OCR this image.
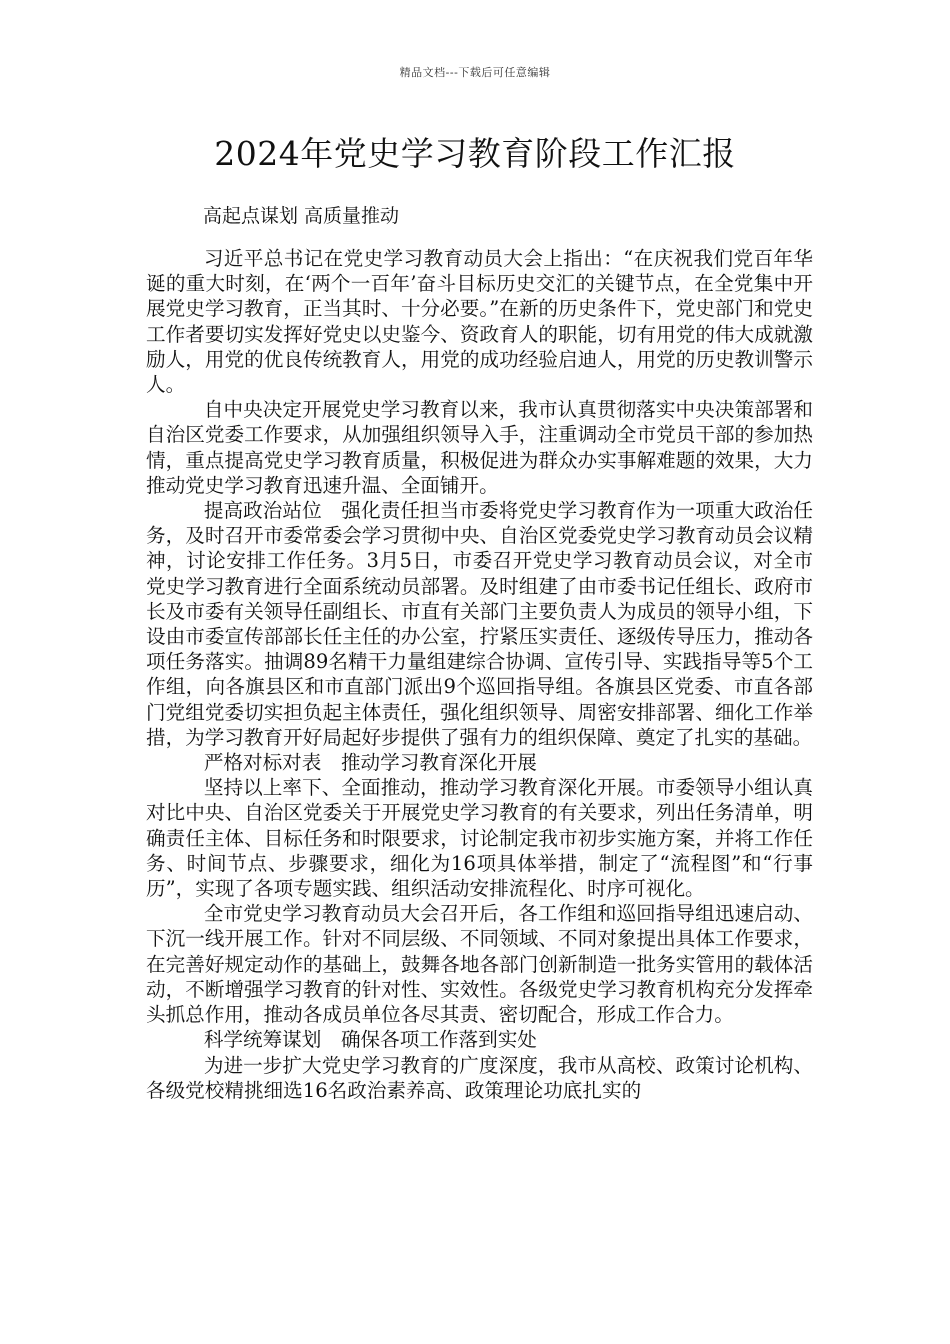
精品文档---下载后可任意编辑
2024年党史学习教育阶段工作汇报

高起点谋划 高质量推动

习近平总书记在党史学习教育动员大会上指出：“在庆祝我们党百年华诞的重大时刻，在‘两个一百年’奋斗目标历史交汇的关键节点，在全党集中开展党史学习教育，正当其时、十分必要。”在新的历史条件下，党史部门和党史工作者要切实发挥好党史以史鉴今、资政育人的职能，切有用党的伟大成就激励人，用党的优良传统教育人，用党的成功经验启迪人，用党的历史教训警示人。

自中央决定开展党史学习教育以来，我市认真贯彻落实中央决策部署和自治区党委工作要求，从加强组织领导入手，注重调动全市党员干部的参加热情，重点提高党史学习教育质量，积极促进为群众办实事解难题的效果，大力推动党史学习教育迅速升温、全面铺开。

提高政治站位　强化责任担当市委将党史学习教育作为一项重大政治任务，及时召开市委常委会学习贯彻中央、自治区党委党史学习教育动员会议精神，讨论安排工作任务。3月5日，市委召开党史学习教育动员会议，对全市党史学习教育进行全面系统动员部署。及时组建了由市委书记任组长、政府市长及市委有关领导任副组长、市直有关部门主要负责人为成员的领导小组，下设由市委宣传部部长任主任的办公室，拧紧压实责任、逐级传导压力，推动各项任务落实。抽调89名精干力量组建综合协调、宣传引导、实践指导等5个工作组，向各旗县区和市直部门派出9个巡回指导组。各旗县区党委、市直各部门党组党委切实担负起主体责任，强化组织领导、周密安排部署、细化工作举措，为学习教育开好局起好步提供了强有力的组织保障、奠定了扎实的基础。

严格对标对表　推动学习教育深化开展

坚持以上率下、全面推动，推动学习教育深化开展。市委领导小组认真对比中央、自治区党委关于开展党史学习教育的有关要求，列出任务清单，明确责任主体、目标任务和时限要求，讨论制定我市初步实施方案，并将工作任务、时间节点、步骤要求，细化为16项具体举措，制定了“流程图”和“行事历”，实现了各项专题实践、组织活动安排流程化、时序可视化。

全市党史学习教育动员大会召开后，各工作组和巡回指导组迅速启动、下沉一线开展工作。针对不同层级、不同领域、不同对象提出具体工作要求，在完善好规定动作的基础上，鼓舞各地各部门创新制造一批务实管用的载体活动，不断增强学习教育的针对性、实效性。各级党史学习教育机构充分发挥牵头抓总作用，推动各成员单位各尽其责、密切配合，形成工作合力。

科学统筹谋划　确保各项工作落到实处

为进一步扩大党史学习教育的广度深度，我市从高校、政策讨论机构、各级党校精挑细选16名政治素养高、政策理论功底扎实的
